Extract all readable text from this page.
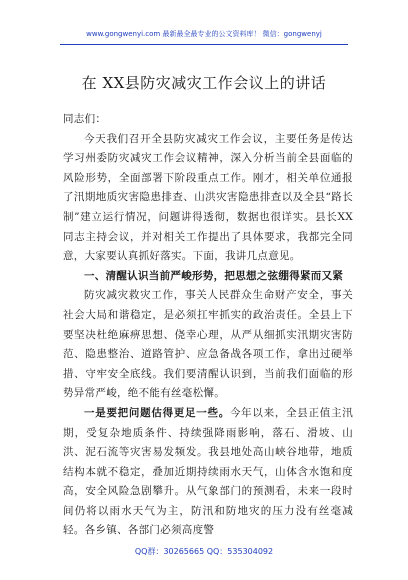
www.gongwenyi.com 最新最全最专业的公文资料库！ 微信：gongwenyj
在 XX县防灾减灾工作会议上的讲话

同志们：

今天我们召开全县防灾减灾工作会议，主要任务是传达学习州委防灾减灾工作会议精神，深入分析当前全县面临的风险形势，全面部署下阶段重点工作。刚才，相关单位通报了汛期地质灾害隐患排查、山洪灾害隐患排查以及全县“路长制”建立运行情况，问题讲得透彻，数据也很详实。县长XX同志主持会议，并对相关工作提出了具体要求，我都完全同意，大家要认真抓好落实。下面，我讲几点意见。

一、清醒认识当前严峻形势，把思想之弦绷得紧而又紧

防灾减灾救灾工作，事关人民群众生命财产安全，事关社会大局和谐稳定，是必须扛牢抓实的政治责任。全县上下要坚决杜绝麻痹思想、侥幸心理，从严从细抓实汛期灾害防范、隐患整治、道路管护、应急备战各项工作，拿出过硬举措、守牢安全底线。我们要清醒认识到，当前我们面临的形势异常严峻，绝不能有丝毫松懈。

一是要把问题估得更足一些。今年以来，全县正值主汛期，受复杂地质条件、持续强降雨影响，落石、滑坡、山洪、泥石流等灾害易发频发。我县地处高山峡谷地带，地质结构本就不稳定，叠加近期持续雨水天气，山体含水饱和度高，安全风险急剧攀升。从气象部门的预测看，未来一段时间仍将以雨水天气为主，防汛和防地灾的压力没有丝毫减轻。各乡镇、各部门必须高度警

QQ群：30265665 QQ：535304092
